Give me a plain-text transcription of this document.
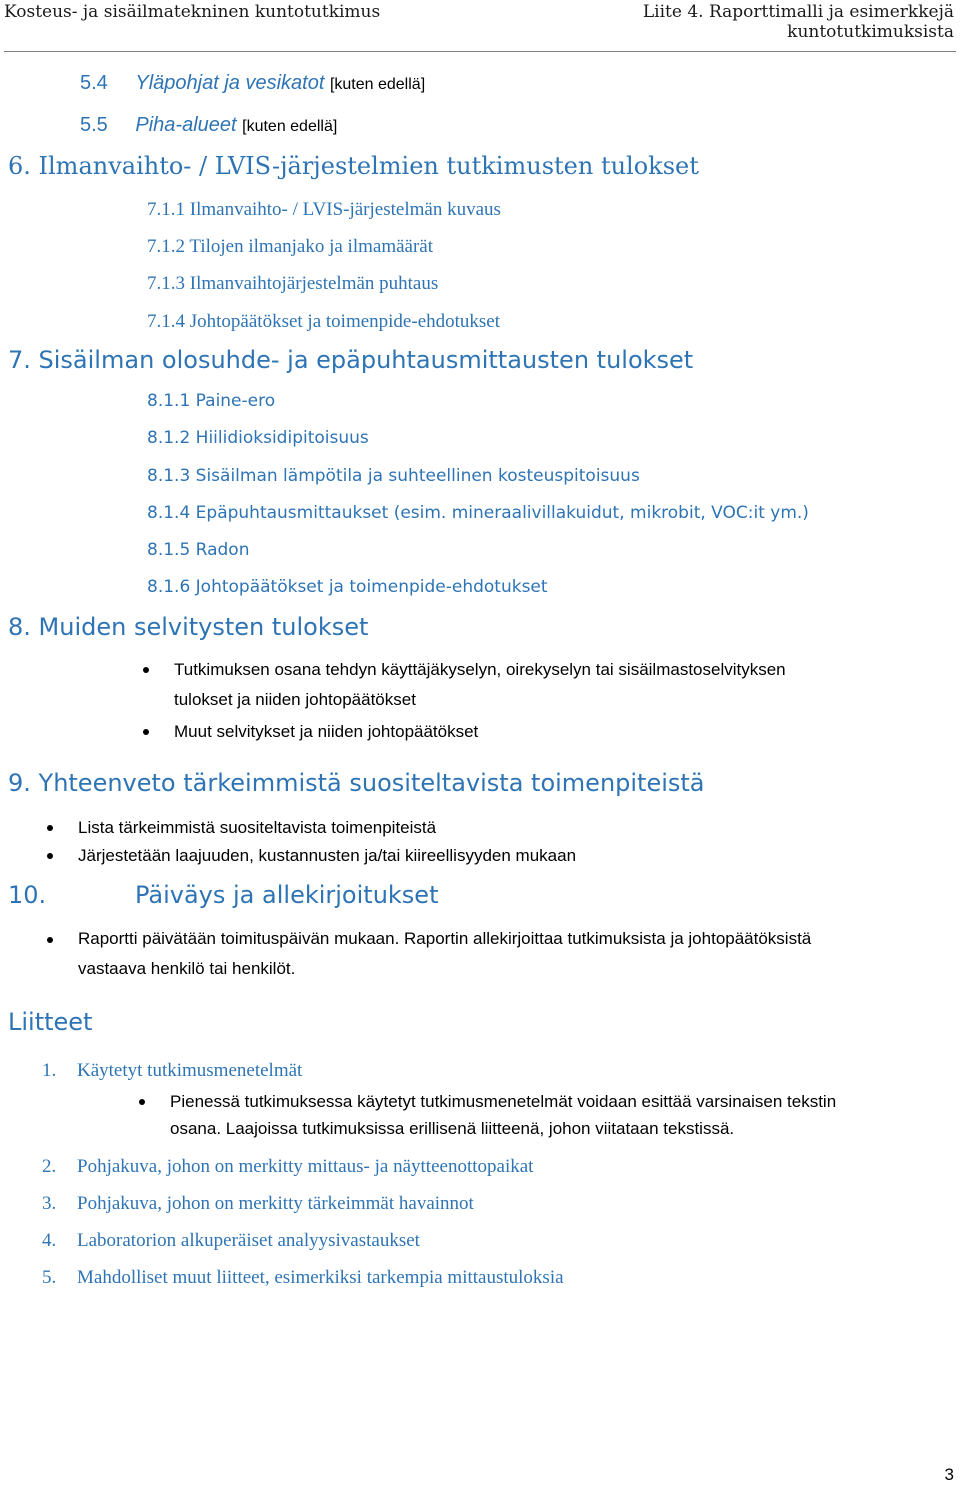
Kosteus- ja sisäilmatekninen kuntotutkimus	Liite 4. Raporttimalli ja esimerkkejä
kuntotutkimuksista
5.4 Yläpohjat ja vesikatot [kuten edellä]
5.5 Piha-alueet [kuten edellä]
6. Ilmanvaihto- / LVIS-järjestelmien tutkimusten tulokset
7.1.1 Ilmanvaihto- / LVIS-järjestelmän kuvaus
7.1.2 Tilojen ilmanjako ja ilmamäärät
7.1.3 Ilmanvaihtojärjestelmän puhtaus
7.1.4 Johtopäätökset ja toimenpide-ehdotukset
7. Sisäilman olosuhde- ja epäpuhtausmittausten tulokset
8.1.1 Paine-ero
8.1.2 Hiilidioksidipitoisuus
8.1.3 Sisäilman lämpötila ja suhteellinen kosteuspitoisuus
8.1.4 Epäpuhtausmittaukset (esim. mineraalivillakuidut, mikrobit, VOC:it ym.)
8.1.5 Radon
8.1.6 Johtopäätökset ja toimenpide-ehdotukset
8. Muiden selvitysten tulokset
Tutkimuksen osana tehdyn käyttäjäkyselyn, oirekyselyn tai sisäilmastoselvityksen
tulokset ja niiden johtopäätökset
Muut selvitykset ja niiden johtopäätökset
9. Yhteenveto tärkeimmistä suositeltavista toimenpiteistä
Lista tärkeimmistä suositeltavista toimenpiteistä
Järjestetään laajuuden, kustannusten ja/tai kiireellisyyden mukaan
10.	Päiväys ja allekirjoitukset
Raportti päivätään toimituspäivän mukaan. Raportin allekirjoittaa tutkimuksista ja johtopäätöksistä
vastaava henkilö tai henkilöt.
Liitteet
1. Käytetyt tutkimusmenetelmät
Pienessä tutkimuksessa käytetyt tutkimusmenetelmät voidaan esittää varsinaisen tekstin
osana. Laajoissa tutkimuksissa erillisenä liitteenä, johon viitataan tekstissä.
2. Pohjakuva, johon on merkitty mittaus- ja näytteenottopaikat
3. Pohjakuva, johon on merkitty tärkeimmät havainnot
4. Laboratorion alkuperäiset analyysivastaukset
5. Mahdolliset muut liitteet, esimerkiksi tarkempia mittaustuloksia
3
